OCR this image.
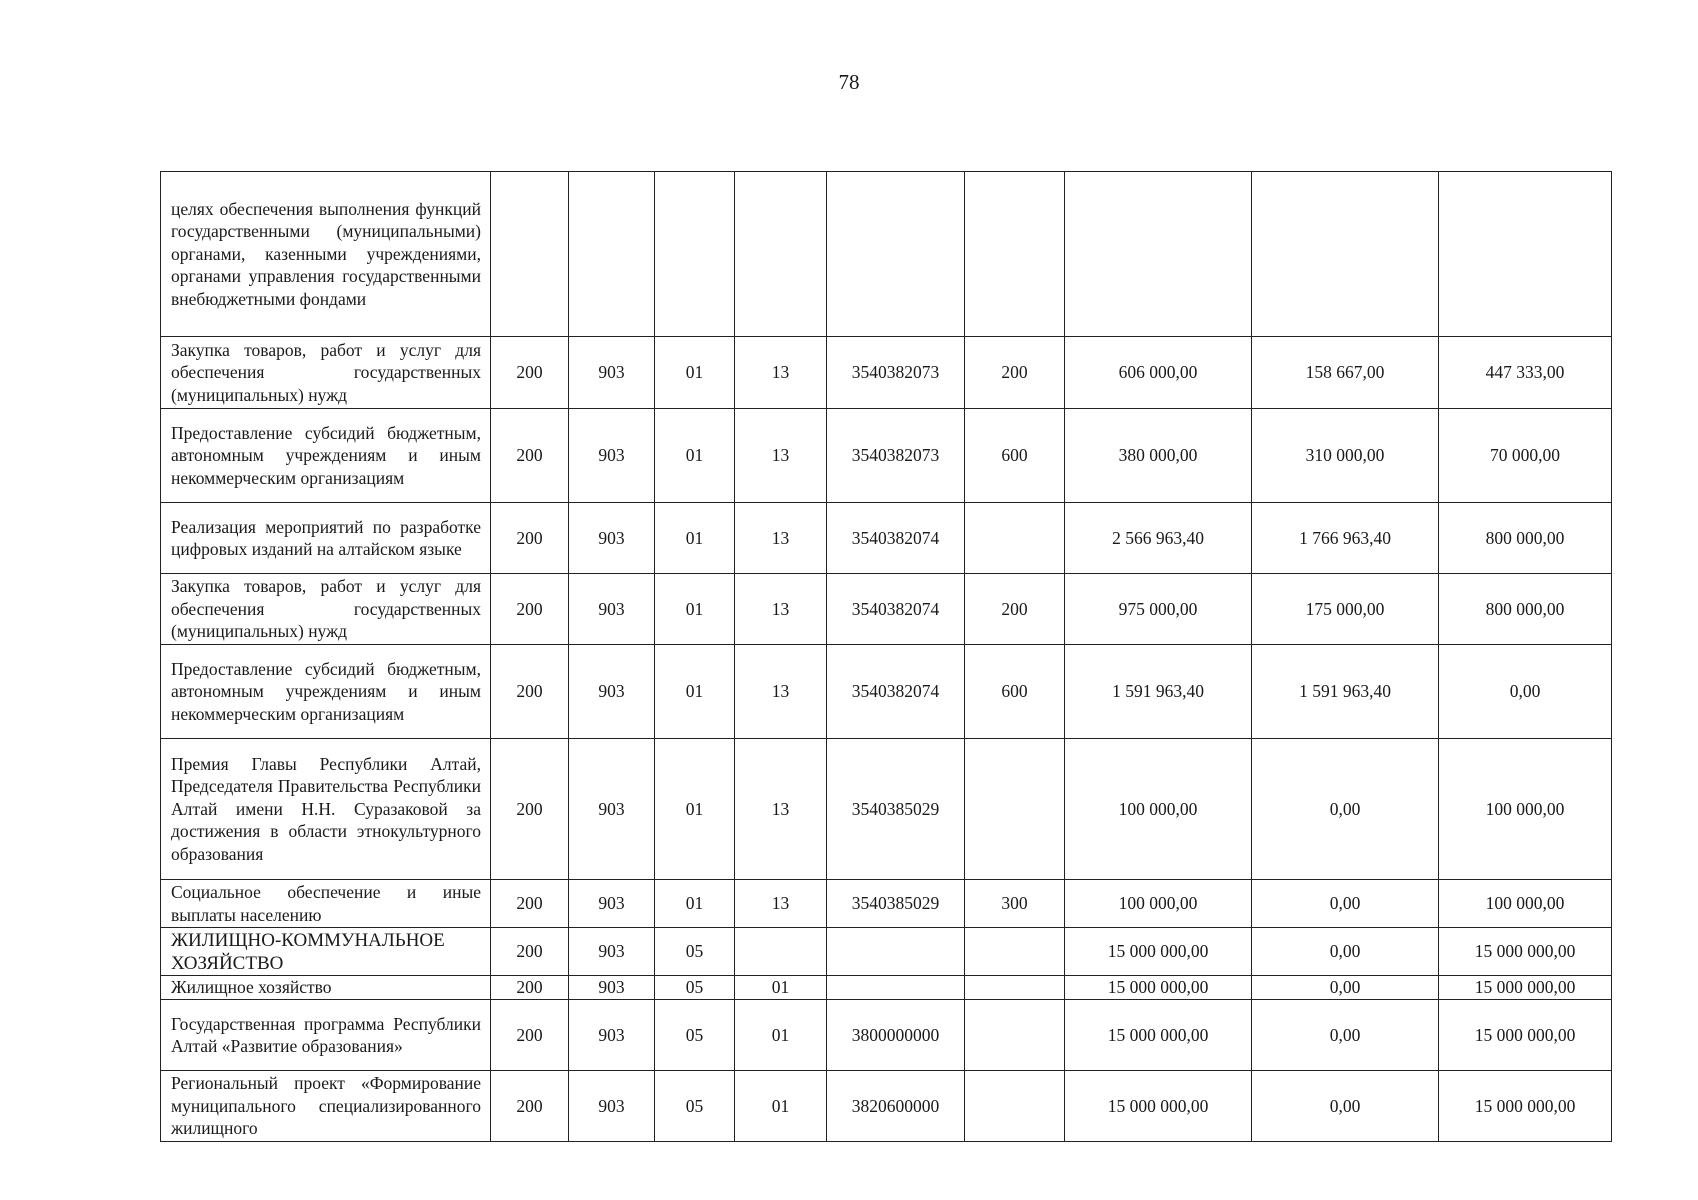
78
целях обеспечения выполнения функций государственными (муниципальными) органами, казенными учреждениями, органами управления государственными внебюджетными фондами									
Закупка товаров, работ и услуг для обеспечения государственных (муниципальных) нужд	200	903	01	13	3540382073	200	606 000,00	158 667,00	447 333,00
Предоставление субсидий бюджетным, автономным учреждениям и иным некоммерческим организациям	200	903	01	13	3540382073	600	380 000,00	310 000,00	70 000,00
Реализация мероприятий по разработке цифровых изданий на алтайском языке	200	903	01	13	3540382074		2 566 963,40	1 766 963,40	800 000,00
Закупка товаров, работ и услуг для обеспечения государственных (муниципальных) нужд	200	903	01	13	3540382074	200	975 000,00	175 000,00	800 000,00
Предоставление субсидий бюджетным, автономным учреждениям и иным некоммерческим организациям	200	903	01	13	3540382074	600	1 591 963,40	1 591 963,40	0,00
Премия Главы Республики Алтай, Председателя Правительства Республики Алтай имени Н.Н. Суразаковой за достижения в области этнокультурного образования	200	903	01	13	3540385029		100 000,00	0,00	100 000,00
Социальное обеспечение и иные выплаты населению	200	903	01	13	3540385029	300	100 000,00	0,00	100 000,00
ЖИЛИЩНО-КОММУНАЛЬНОЕ ХОЗЯЙСТВО	200	903	05				15 000 000,00	0,00	15 000 000,00
Жилищное хозяйство	200	903	05	01			15 000 000,00	0,00	15 000 000,00
Государственная программа Республики Алтай «Развитие образования»	200	903	05	01	3800000000		15 000 000,00	0,00	15 000 000,00
Региональный проект «Формирование муниципального специализированного жилищного	200	903	05	01	3820600000		15 000 000,00	0,00	15 000 000,00
